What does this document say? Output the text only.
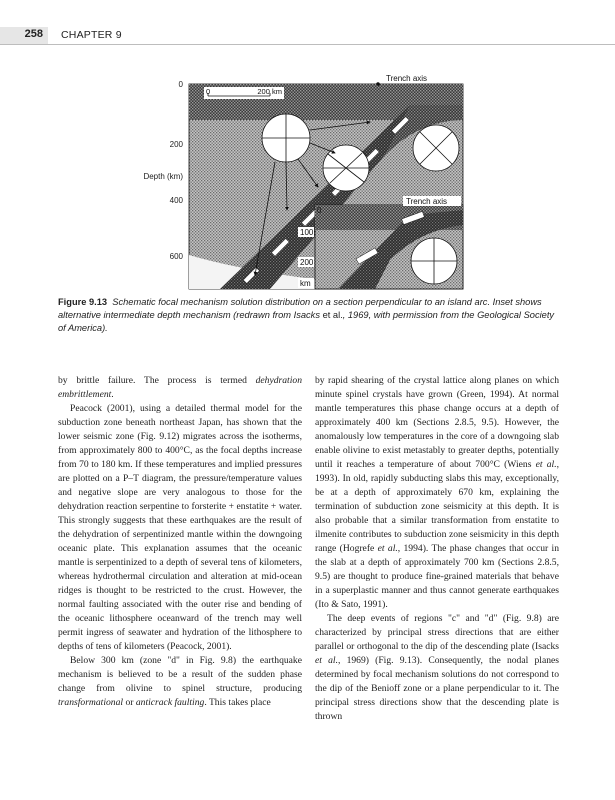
258 CHAPTER 9
0
200
400
600
Depth (km)
0	200 km
Trench axis
Trench axis
0
100
200
km
Figure 9.13 Schematic focal mechanism solution distribution on a section perpendicular to an island arc. Inset shows alternative intermediate depth mechanism (redrawn from Isacks et al., 1969, with permission from the Geological Society of America).

by brittle failure. The process is termed dehydration embrittlement.

Peacock (2001), using a detailed thermal model for the subduction zone beneath northeast Japan, has shown that the lower seismic zone (Fig. 9.12) migrates across the isotherms, from approximately 800 to 400°C, as the focal depths increase from 70 to 180 km. If these temperatures and implied pressures are plotted on a P–T diagram, the pressure/temperature values and negative slope are very analogous to those for the dehydration reaction serpentine to forsterite + enstatite + water. This strongly suggests that these earthquakes are the result of the dehydration of serpentinized mantle within the downgoing oceanic plate. This explanation assumes that the oceanic mantle is serpentinized to a depth of several tens of kilometers, whereas hydrothermal circulation and alteration at mid-ocean ridges is thought to be restricted to the crust. However, the normal faulting associated with the outer rise and bending of the oceanic lithosphere oceanward of the trench may well permit ingress of seawater and hydration of the lithosphere to depths of tens of kilometers (Peacock, 2001).

Below 300 km (zone "d" in Fig. 9.8) the earthquake mechanism is believed to be a result of the sudden phase change from olivine to spinel structure, producing transformational or anticrack faulting. This takes place

by rapid shearing of the crystal lattice along planes on which minute spinel crystals have grown (Green, 1994). At normal mantle temperatures this phase change occurs at a depth of approximately 400 km (Sections 2.8.5, 9.5). However, the anomalously low temperatures in the core of a downgoing slab enable olivine to exist metastably to greater depths, potentially until it reaches a temperature of about 700°C (Wiens et al., 1993). In old, rapidly subducting slabs this may, exceptionally, be at a depth of approximately 670 km, explaining the termination of subduction zone seismicity at this depth. It is also probable that a similar transformation from enstatite to ilmenite contributes to subduction zone seismicity in this depth range (Hogrefe et al., 1994). The phase changes that occur in the slab at a depth of approximately 700 km (Sections 2.8.5, 9.5) are thought to produce fine-grained materials that behave in a superplastic manner and thus cannot generate earthquakes (Ito & Sato, 1991).

The deep events of regions "c" and "d" (Fig. 9.8) are characterized by principal stress directions that are either parallel or orthogonal to the dip of the descending plate (Isacks et al., 1969) (Fig. 9.13). Consequently, the nodal planes determined by focal mechanism solutions do not correspond to the dip of the Benioff zone or a plane perpendicular to it. The principal stress directions show that the descending plate is thrown
